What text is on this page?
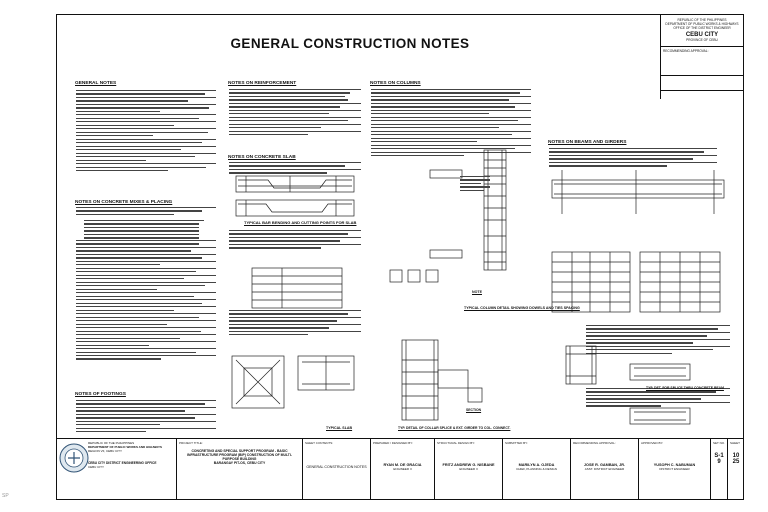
GENERAL CONSTRUCTION NOTES
REPUBLIC OF THE PHILIPPINES
DEPARTMENT OF PUBLIC WORKS & HIGHWAYS
OFFICE OF THE DISTRICT ENGINEER
CEBU CITY
PROVINCE OF CEBU
RECOMMENDING APPROVAL:
GENERAL NOTES
NOTES ON CONCRETE MIXES & PLACING
NOTES OF FOOTINGS
NOTES ON REINFORCEMENT
NOTES ON CONCRETE SLAB
NOTES ON COLUMNS
NOTES ON BEAMS AND GIRDERS
TYPICAL BAR BENDING AND CUTTING POINTS FOR SLAB
NOTE
TYPICAL COLUMN DETAIL SHOWING DOWELS AND TIES SPACING
TYPICAL SLAB
SECTION
TYP. DETAIL OF COLLAR SPLICE & EXT. GIRDER TO COL. CONNECT.
TYP. DET. FOR SPLICE THRU CONCRETE BEAM
REPUBLIC OF THE PHILIPPINES
DEPARTMENT OF PUBLIC WORKS AND HIGHWAYS
REGION VII, CEBU CITY
CEBU CITY DISTRICT ENGINEERING OFFICE
CEBU CITY
PROJECT TITLE:
CONCRETING AND SPECIAL SUPPORT PROGRAM - BASIC INFRASTRUCTURE PROGRAM (BIP) CONSTRUCTION OF MULTI-PURPOSE BUILDING
BARANGAY PIT-OS, CEBU CITY
SHEET CONTENTS:
GENERAL CONSTRUCTION NOTES
PREPARED / DESIGNED BY:
RYAN M. DE GRACIA
ENGINEER II
STRUCTURAL DESIGN BY:
FRITZ ANDREW G. NISBANE
ENGINEER II
SUBMITTED BY:
MARILYN A. OJEDA
CHIEF, PLANNING & DESIGN
RECOMMENDING APPROVAL:
JOSE R. GAMBAN, JR.
ASST. DISTRICT ENGINEER
APPROVED BY:
YUSOPH C. NABUMAN
DISTRICT ENGINEER
SET NO.
S-1
9
SHEET
10
25
SP
